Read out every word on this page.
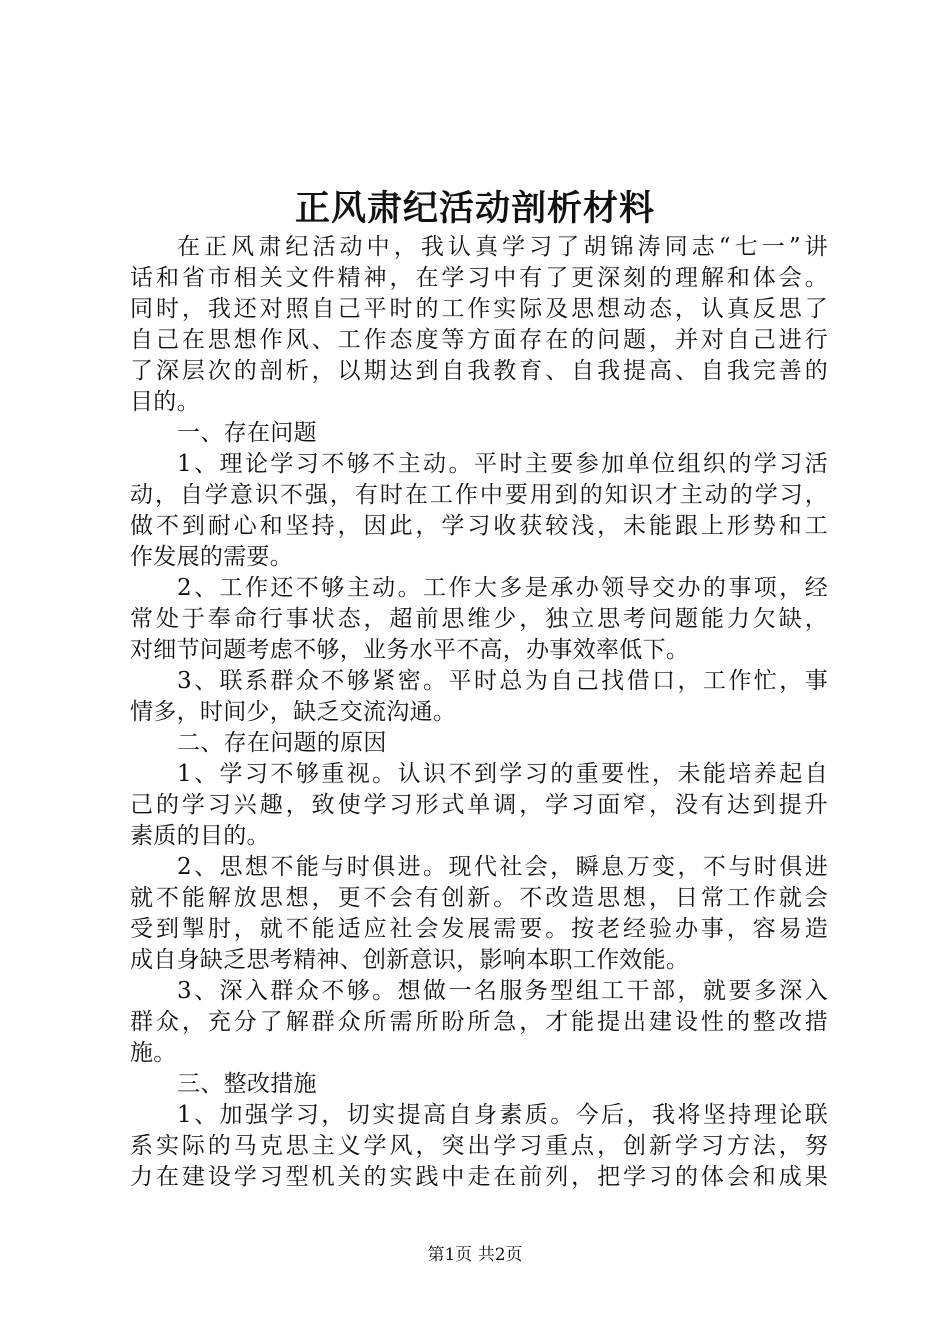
正风肃纪活动剖析材料
在正风肃纪活动中，我认真学习了胡锦涛同志“七一”讲
话和省市相关文件精神，在学习中有了更深刻的理解和体会。
同时，我还对照自己平时的工作实际及思想动态，认真反思了
自己在思想作风、工作态度等方面存在的问题，并对自己进行
了深层次的剖析，以期达到自我教育、自我提高、自我完善的
目的。
一、存在问题
1、理论学习不够不主动。平时主要参加单位组织的学习活
动，自学意识不强，有时在工作中要用到的知识才主动的学习，
做不到耐心和坚持，因此，学习收获较浅，未能跟上形势和工
作发展的需要。
2、工作还不够主动。工作大多是承办领导交办的事项，经
常处于奉命行事状态，超前思维少，独立思考问题能力欠缺，
对细节问题考虑不够，业务水平不高，办事效率低下。
3、联系群众不够紧密。平时总为自己找借口，工作忙，事
情多，时间少，缺乏交流沟通。
二、存在问题的原因
1、学习不够重视。认识不到学习的重要性，未能培养起自
己的学习兴趣，致使学习形式单调，学习面窄，没有达到提升
素质的目的。
2、思想不能与时俱进。现代社会，瞬息万变，不与时俱进
就不能解放思想，更不会有创新。不改造思想，日常工作就会
受到掣肘，就不能适应社会发展需要。按老经验办事，容易造
成自身缺乏思考精神、创新意识，影响本职工作效能。
3、深入群众不够。想做一名服务型组工干部，就要多深入
群众，充分了解群众所需所盼所急，才能提出建设性的整改措
施。
三、整改措施
1、加强学习，切实提高自身素质。今后，我将坚持理论联
系实际的马克思主义学风，突出学习重点，创新学习方法，努
力在建设学习型机关的实践中走在前列，把学习的体会和成果
第1页 共2页
